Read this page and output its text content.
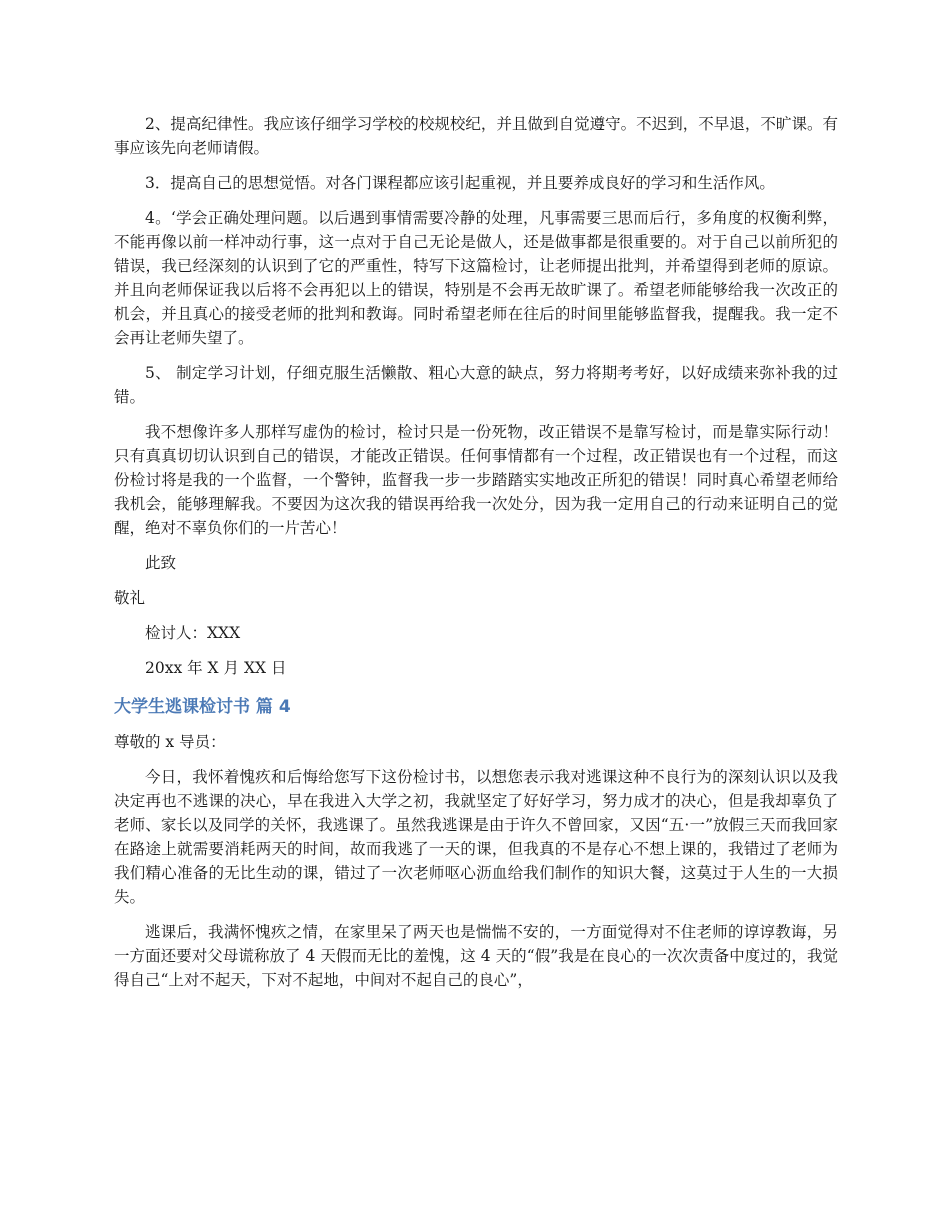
2、提高纪律性。我应该仔细学习学校的校规校纪，并且做到自觉遵守。不迟到，不早退，不旷课。有事应该先向老师请假。

3．提高自己的思想觉悟。对各门课程都应该引起重视，并且要养成良好的学习和生活作风。

4。‘学会正确处理问题。以后遇到事情需要冷静的处理，凡事需要三思而后行，多角度的权衡利弊，不能再像以前一样冲动行事，这一点对于自己无论是做人，还是做事都是很重要的。对于自己以前所犯的错误，我已经深刻的认识到了它的严重性，特写下这篇检讨，让老师提出批判，并希望得到老师的原谅。并且向老师保证我以后将不会再犯以上的错误，特别是不会再无故旷课了。希望老师能够给我一次改正的机会，并且真心的接受老师的批判和教诲。同时希望老师在往后的时间里能够监督我，提醒我。我一定不会再让老师失望了。

5、 制定学习计划，仔细克服生活懒散、粗心大意的缺点，努力将期考考好，以好成绩来弥补我的过错。

我不想像许多人那样写虚伪的检讨，检讨只是一份死物，改正错误不是靠写检讨，而是靠实际行动！只有真真切切认识到自己的错误，才能改正错误。任何事情都有一个过程，改正错误也有一个过程，而这份检讨将是我的一个监督，一个警钟，监督我一步一步踏踏实实地改正所犯的错误！同时真心希望老师给我机会，能够理解我。不要因为这次我的错误再给我一次处分，因为我一定用自己的行动来证明自己的觉醒，绝对不辜负你们的一片苦心！

此致

敬礼

检讨人：XXX

20xx 年 X 月 XX 日

大学生逃课检讨书 篇 4

尊敬的 x 导员：

今日，我怀着愧疚和后悔给您写下这份检讨书，以想您表示我对逃课这种不良行为的深刻认识以及我决定再也不逃课的决心，早在我进入大学之初，我就坚定了好好学习，努力成才的决心，但是我却辜负了老师、家长以及同学的关怀，我逃课了。虽然我逃课是由于许久不曾回家，又因“五·一”放假三天而我回家在路途上就需要消耗两天的时间，故而我逃了一天的课，但我真的不是存心不想上课的，我错过了老师为我们精心准备的无比生动的课，错过了一次老师呕心沥血给我们制作的知识大餐，这莫过于人生的一大损失。

逃课后，我满怀愧疚之情，在家里呆了两天也是惴惴不安的，一方面觉得对不住老师的谆谆教诲，另一方面还要对父母谎称放了 4 天假而无比的羞愧，这 4 天的“假”我是在良心的一次次责备中度过的，我觉得自己“上对不起天，下对不起地，中间对不起自己的良心”，
